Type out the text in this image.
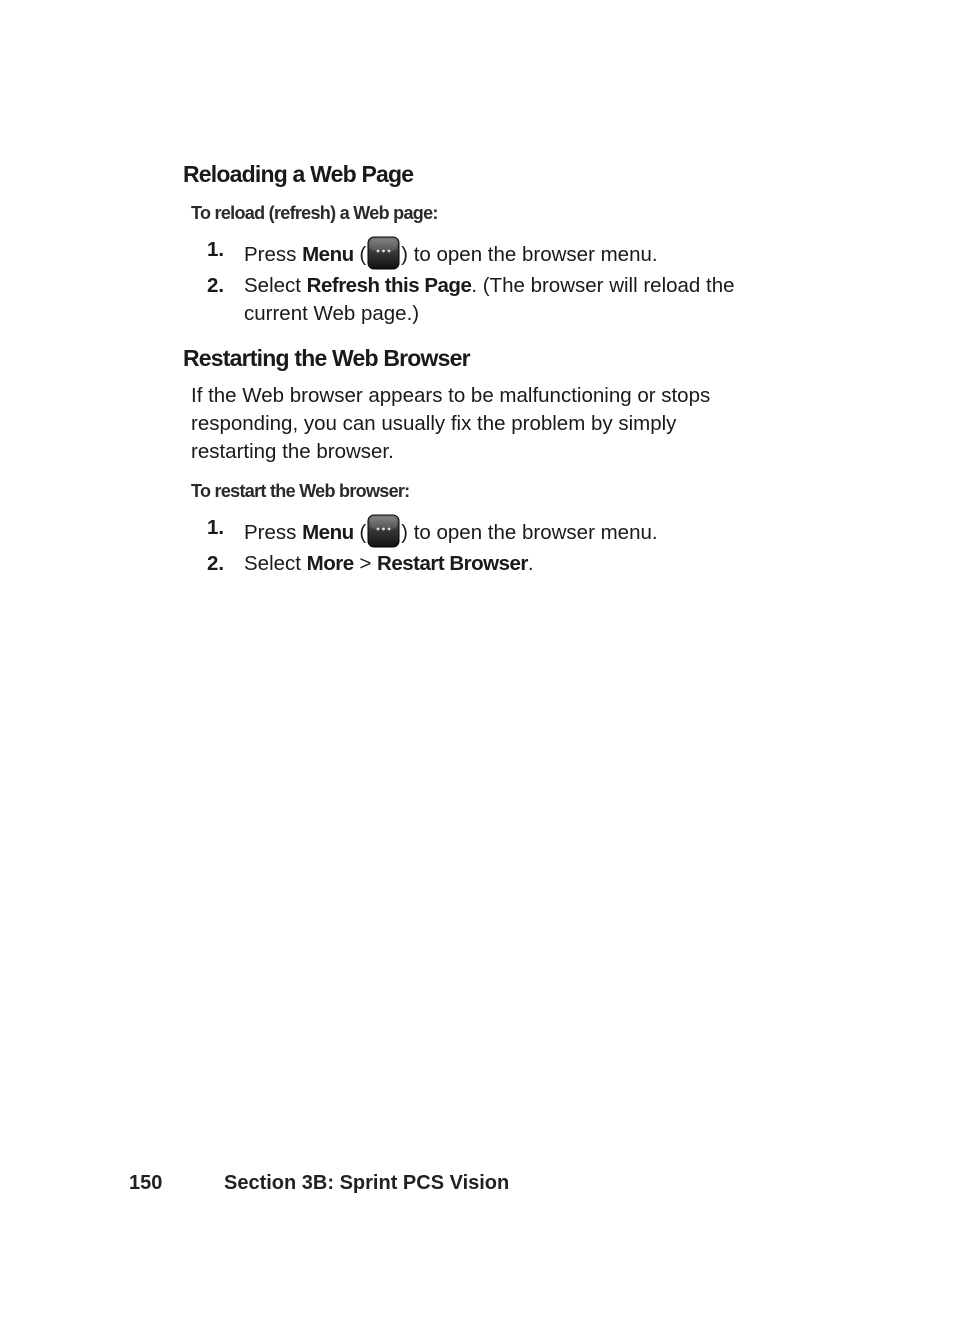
Reloading a Web Page
To reload (refresh) a Web page:
1. Press Menu ( ) to open the browser menu.
2. Select Refresh this Page. (The browser will reload the current Web page.)
Restarting the Web Browser

If the Web browser appears to be malfunctioning or stops responding, you can usually fix the problem by simply restarting the browser.

To restart the Web browser:
1. Press Menu ( ) to open the browser menu.
2. Select More > Restart Browser.
150	Section 3B: Sprint PCS Vision
